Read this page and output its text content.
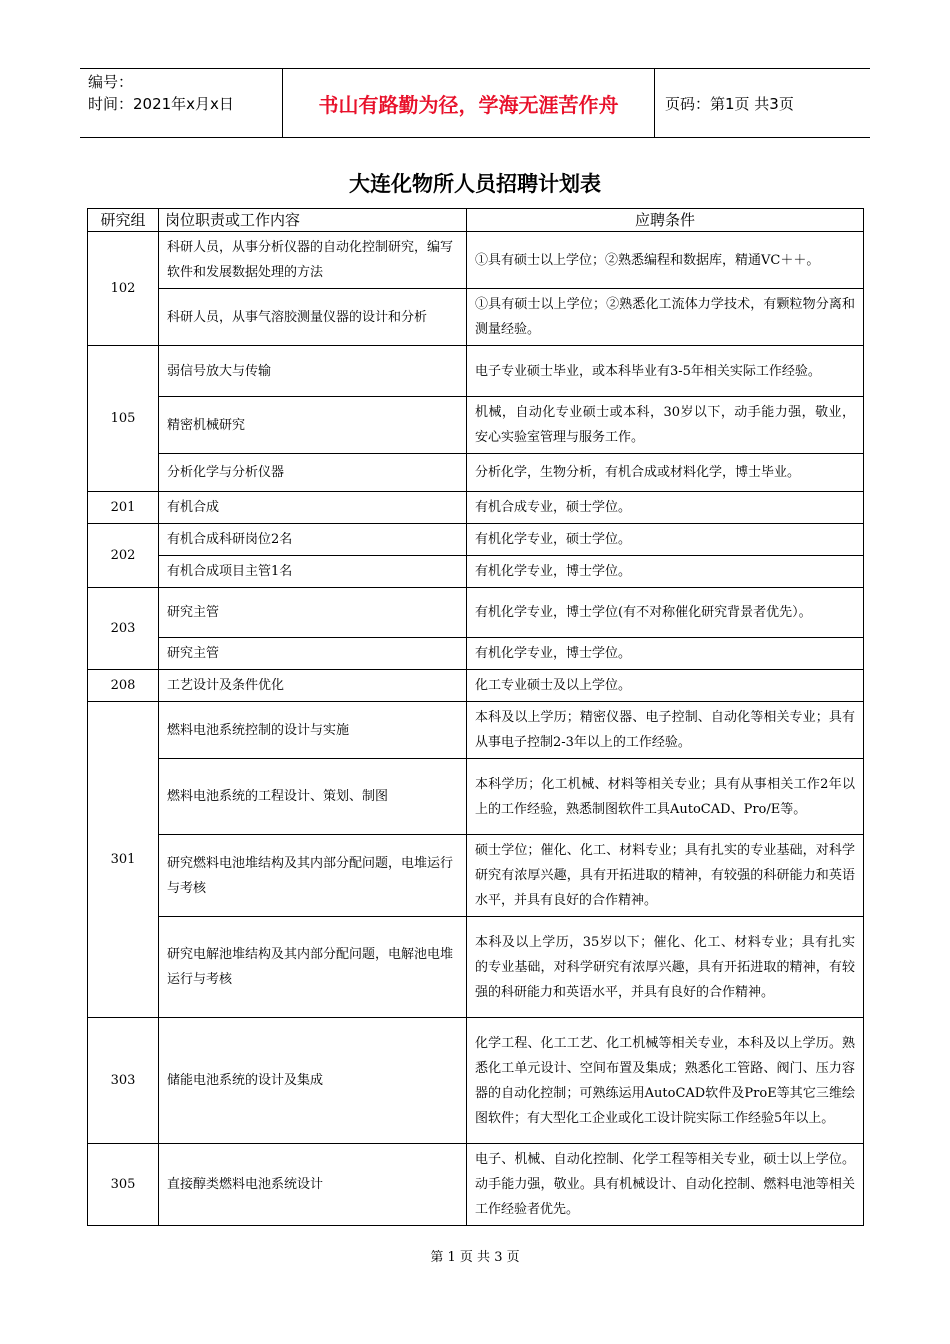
编号：
时间：2021年x月x日	书山有路勤为径，学海无涯苦作舟	页码：第1页 共3页
大连化物所人员招聘计划表
研究组	岗位职责或工作内容	应聘条件
102	科研人员，从事分析仪器的自动化控制研究，编写软件和发展数据处理的方法	①具有硕士以上学位；②熟悉编程和数据库，精通VC＋＋。
	科研人员，从事气溶胶测量仪器的设计和分析	①具有硕士以上学位；②熟悉化工流体力学技术，有颗粒物分离和测量经验。
105	弱信号放大与传输	电子专业硕士毕业，或本科毕业有3-5年相关实际工作经验。
	精密机械研究	机械，自动化专业硕士或本科，30岁以下，动手能力强，敬业，安心实验室管理与服务工作。
	分析化学与分析仪器	分析化学，生物分析，有机合成或材料化学，博士毕业。
201	有机合成	有机合成专业，硕士学位。
202	有机合成科研岗位2名	有机化学专业，硕士学位。
	有机合成项目主管1名	有机化学专业，博士学位。
203	研究主管	有机化学专业，博士学位(有不对称催化研究背景者优先）。
	研究主管	有机化学专业，博士学位。
208	工艺设计及条件优化	化工专业硕士及以上学位。
301	燃料电池系统控制的设计与实施	本科及以上学历；精密仪器、电子控制、自动化等相关专业；具有从事电子控制2-3年以上的工作经验。
	燃料电池系统的工程设计、策划、制图	本科学历；化工机械、材料等相关专业；具有从事相关工作2年以上的工作经验，熟悉制图软件工具AutoCAD、Pro/E等。
	研究燃料电池堆结构及其内部分配问题，电堆运行与考核	硕士学位；催化、化工、材料专业；具有扎实的专业基础，对科学研究有浓厚兴趣，具有开拓进取的精神，有较强的科研能力和英语水平，并具有良好的合作精神。
	研究电解池堆结构及其内部分配问题，电解池电堆运行与考核	本科及以上学历，35岁以下；催化、化工、材料专业；具有扎实的专业基础，对科学研究有浓厚兴趣，具有开拓进取的精神，有较强的科研能力和英语水平，并具有良好的合作精神。
303	储能电池系统的设计及集成	化学工程、化工工艺、化工机械等相关专业，本科及以上学历。熟悉化工单元设计、空间布置及集成；熟悉化工管路、阀门、压力容器的自动化控制；可熟练运用AutoCAD软件及ProE等其它三维绘图软件；有大型化工企业或化工设计院实际工作经验5年以上。
305	直接醇类燃料电池系统设计	电子、机械、自动化控制、化学工程等相关专业，硕士以上学位。动手能力强，敬业。具有机械设计、自动化控制、燃料电池等相关工作经验者优先。
第 1 页 共 3 页
